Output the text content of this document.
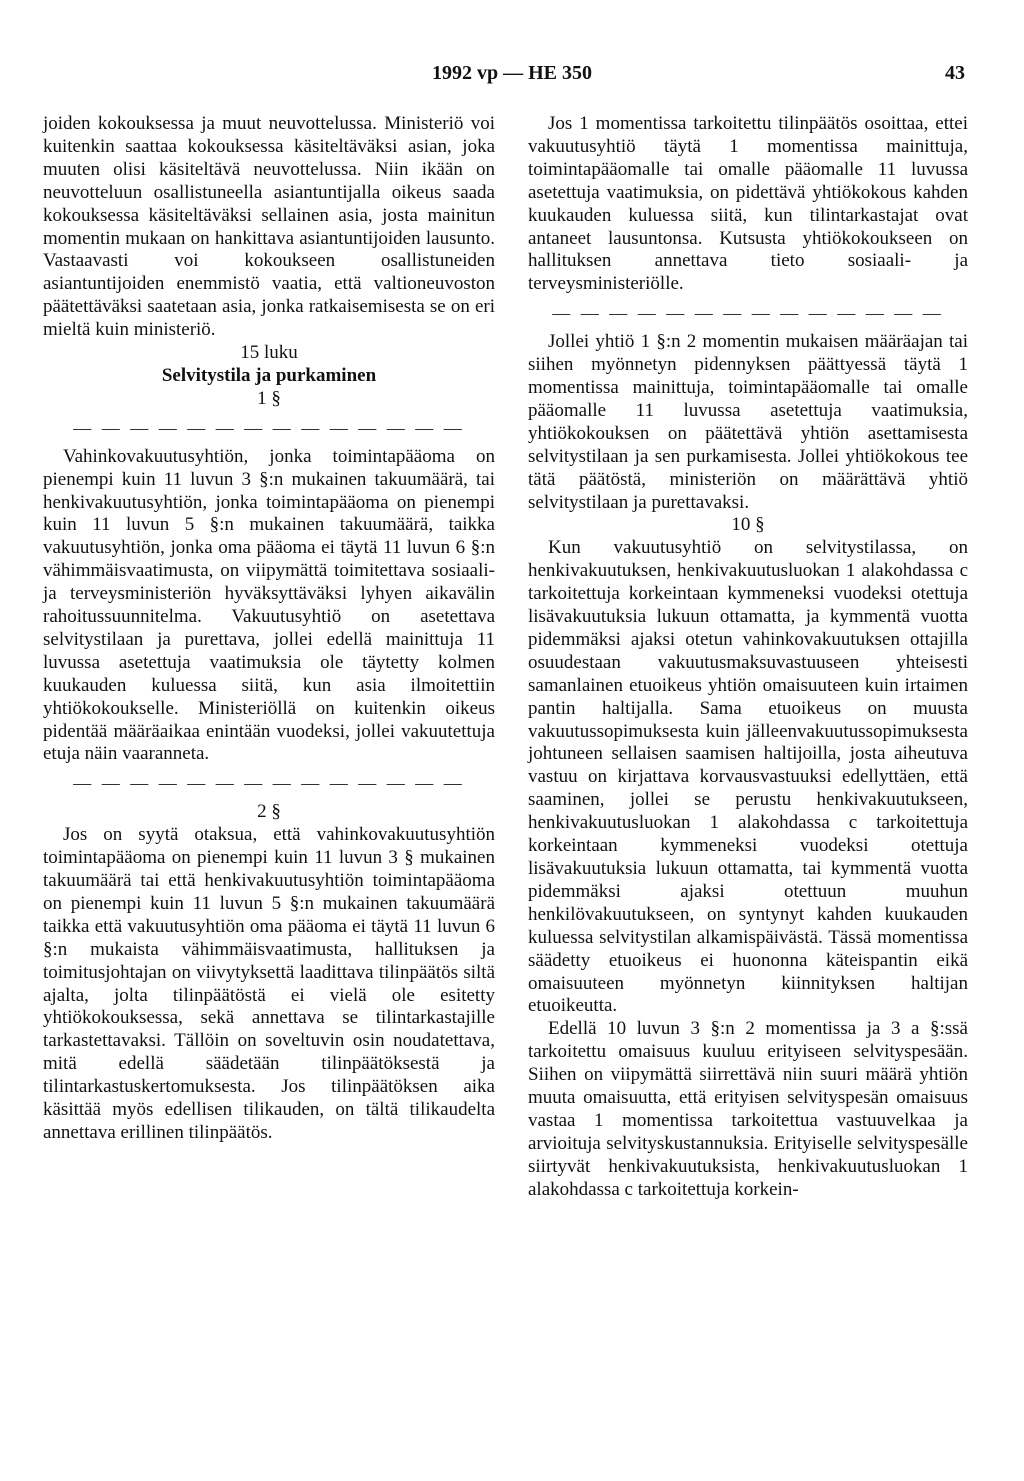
1992 vp — HE 350	43

joiden kokouksessa ja muut neuvottelussa. Ministeriö voi kuitenkin saattaa kokouksessa käsiteltäväksi asian, joka muuten olisi käsiteltävä neuvottelussa. Niin ikään on neuvotteluun osallistuneella asiantuntijalla oikeus saada kokouksessa käsiteltäväksi sellainen asia, josta mainitun momentin mukaan on hankittava asiantuntijoiden lausunto. Vastaavasti voi kokoukseen osallistuneiden asiantuntijoiden enemmistö vaatia, että valtioneuvoston päätettäväksi saatetaan asia, jonka ratkaisemisesta se on eri mieltä kuin ministeriö.

15 luku

Selvitystila ja purkaminen

1 §

— — — — — — — — — — — — — —

Vahinkovakuutusyhtiön, jonka toimintapääoma on pienempi kuin 11 luvun 3 §:n mukainen takuumäärä, tai henkivakuutusyhtiön, jonka toimintapääoma on pienempi kuin 11 luvun 5 §:n mukainen takuumäärä, taikka vakuutusyhtiön, jonka oma pääoma ei täytä 11 luvun 6 §:n vähimmäisvaatimusta, on viipymättä toimitettava sosiaali- ja terveysministeriön hyväksyttäväksi lyhyen aikavälin rahoitussuunnitelma. Vakuutusyhtiö on asetettava selvitystilaan ja purettava, jollei edellä mainittuja 11 luvussa asetettuja vaatimuksia ole täytetty kolmen kuukauden kuluessa siitä, kun asia ilmoitettiin yhtiökokoukselle. Ministeriöllä on kuitenkin oikeus pidentää määräaikaa enintään vuodeksi, jollei vakuutettuja etuja näin vaaranneta.

— — — — — — — — — — — — — —

2 §

Jos on syytä otaksua, että vahinkovakuutusyhtiön toimintapääoma on pienempi kuin 11 luvun 3 § mukainen takuumäärä tai että henkivakuutusyhtiön toimintapääoma on pienempi kuin 11 luvun 5 §:n mukainen takuumäärä taikka että vakuutusyhtiön oma pääoma ei täytä 11 luvun 6 §:n mukaista vähimmäisvaatimusta, hallituksen ja toimitusjohtajan on viivytyksettä laadittava tilinpäätös siltä ajalta, jolta tilinpäätöstä ei vielä ole esitetty yhtiökokouksessa, sekä annettava se tilintarkastajille tarkastettavaksi. Tällöin on soveltuvin osin noudatettava, mitä edellä säädetään tilinpäätöksestä ja tilintarkastuskertomuksesta. Jos tilinpäätöksen aika käsittää myös edellisen tilikauden, on tältä tilikaudelta annettava erillinen tilinpäätös.

Jos 1 momentissa tarkoitettu tilinpäätös osoittaa, ettei vakuutusyhtiö täytä 1 momentissa mainittuja, toimintapääomalle tai omalle pääomalle 11 luvussa asetettuja vaatimuksia, on pidettävä yhtiökokous kahden kuukauden kuluessa siitä, kun tilintarkastajat ovat antaneet lausuntonsa. Kutsusta yhtiökokoukseen on hallituksen annettava tieto sosiaali- ja terveysministeriölle.

— — — — — — — — — — — — — —

Jollei yhtiö 1 §:n 2 momentin mukaisen määräajan tai siihen myönnetyn pidennyksen päättyessä täytä 1 momentissa mainittuja, toimintapääomalle tai omalle pääomalle 11 luvussa asetettuja vaatimuksia, yhtiökokouksen on päätettävä yhtiön asettamisesta selvitystilaan ja sen purkamisesta. Jollei yhtiökokous tee tätä päätöstä, ministeriön on määrättävä yhtiö selvitystilaan ja purettavaksi.

10 §

Kun vakuutusyhtiö on selvitystilassa, on henkivakuutuksen, henkivakuutusluokan 1 alakohdassa c tarkoitettuja korkeintaan kymmeneksi vuodeksi otettuja lisävakuutuksia lukuun ottamatta, ja kymmentä vuotta pidemmäksi ajaksi otetun vahinkovakuutuksen ottajilla osuudestaan vakuutusmaksuvastuuseen yhteisesti samanlainen etuoikeus yhtiön omaisuuteen kuin irtaimen pantin haltijalla. Sama etuoikeus on muusta vakuutussopimuksesta kuin jälleenvakuutussopimuksesta johtuneen sellaisen saamisen haltijoilla, josta aiheutuva vastuu on kirjattava korvausvastuuksi edellyttäen, että saaminen, jollei se perustu henkivakuutukseen, henkivakuutusluokan 1 alakohdassa c tarkoitettuja korkeintaan kymmeneksi vuodeksi otettuja lisävakuutuksia lukuun ottamatta, tai kymmentä vuotta pidemmäksi ajaksi otettuun muuhun henkilövakuutukseen, on syntynyt kahden kuukauden kuluessa selvitystilan alkamispäivästä. Tässä momentissa säädetty etuoikeus ei huononna käteispantin eikä omaisuuteen myönnetyn kiinnityksen haltijan etuoikeutta.

Edellä 10 luvun 3 §:n 2 momentissa ja 3 a §:ssä tarkoitettu omaisuus kuuluu erityiseen selvityspesään. Siihen on viipymättä siirrettävä niin suuri määrä yhtiön muuta omaisuutta, että erityisen selvityspesän omaisuus vastaa 1 momentissa tarkoitettua vastuuvelkaa ja arvioituja selvityskustannuksia. Erityiselle selvityspesälle siirtyvät henkivakuutuksista, henkivakuutusluokan 1 alakohdassa c tarkoitettuja korkein-
